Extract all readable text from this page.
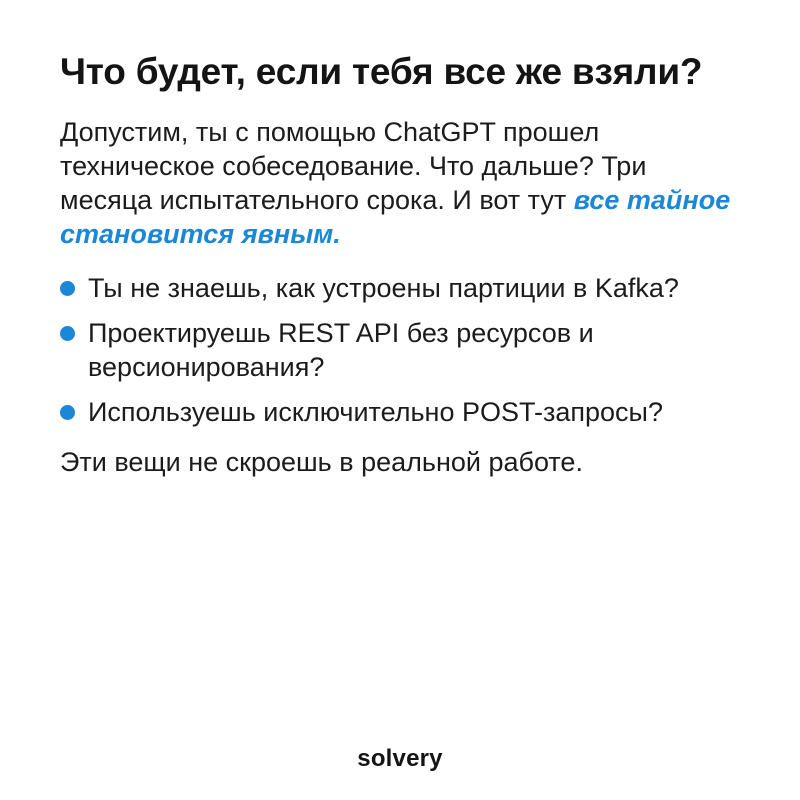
Что будет, если тебя все же взяли?

Допустим, ты с помощью ChatGPT прошел техническое собеседование. Что дальше? Три месяца испытательного срока. И вот тут все тайное становится явным.

Ты не знаешь, как устроены партиции в Kafka?
Проектируешь REST API без ресурсов и версионирования?
Используешь исключительно POST-запросы?

Эти вещи не скроешь в реальной работе.

solvery
